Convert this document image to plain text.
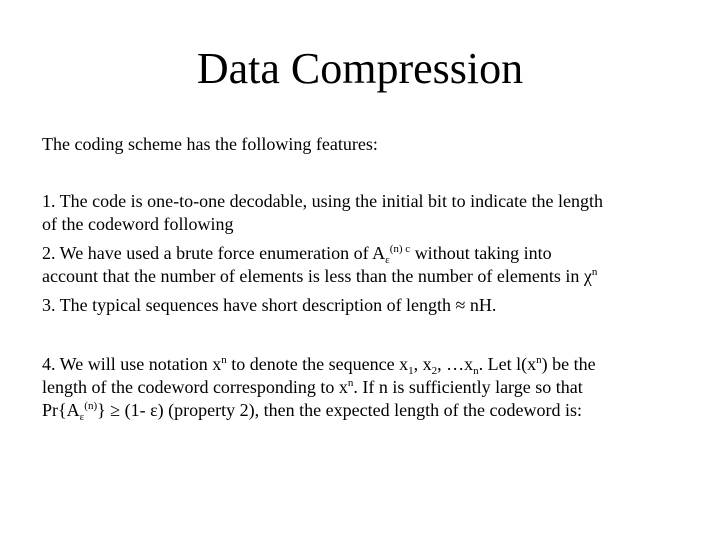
Data Compression
The coding scheme has the following features:
1. The code is one-to-one decodable, using the initial bit to indicate the length
of the codeword following
2. We have used a brute force enumeration of $A_\varepsilon^{(n) c}$ without taking into
account that the number of elements is less than the number of elements in $\chi^n$
3. The typical sequences have short description of length ≈ nH.
4. We will use notation $x^n$ to denote the sequence $x_1$, $x_2$, $\dots x_n$. Let $l(x^n)$ be the
length of the codeword corresponding to $x^n$. If n is sufficiently large so that
$Pr\{A_\varepsilon^{(n)}\} \ge (1-$ ε) (property 2), then the expected length of the codeword is:
